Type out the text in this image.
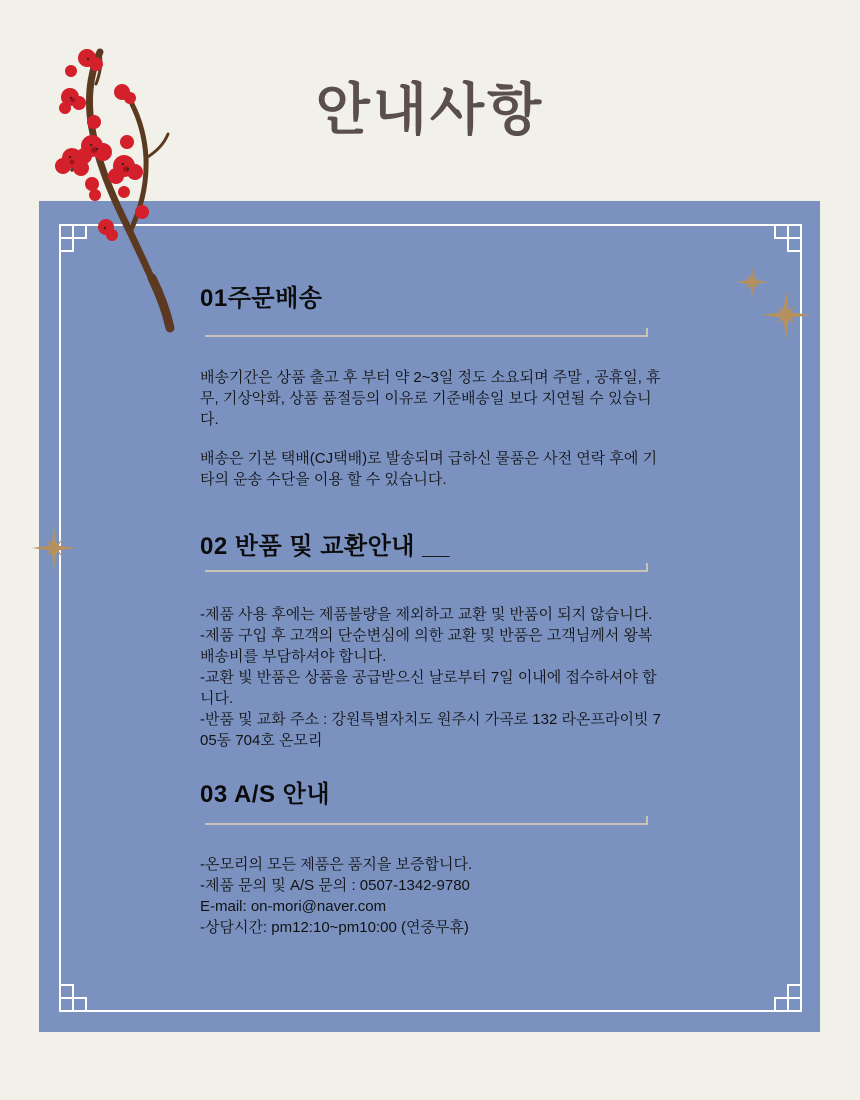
안내사항
01주문배송

배송기간은 상품 출고 후 부터 약 2~3일 정도 소요되며 주말 , 공휴일, 휴무, 기상악화, 상품 품절등의 이유로 기준배송일 보다 지연될 수 있습니다.

배송은 기본 택배(CJ택배)로 발송되며 급하신 물품은 사전 연락 후에 기타의 운송 수단을 이용 할 수 있습니다.

02 반품 및 교환안내 __

-제품 사용 후에는 제품불량을 제외하고 교환 및 반품이 되지 않습니다.

-제품 구입 후 고객의 단순변심에 의한 교환 및 반품은 고객님께서 왕복 배송비를 부담하셔야 합니다.

-교환 빛 반품은 상품을 공급받으신 날로부터 7일 이내에 접수하셔야 합니다.

-반품 및 교화 주소 : 강원특별자치도 원주시 가곡로 132 라온프라이빗 705동 704호 온모리

03 A/S 안내

-온모리의 모든 제품은 품지을 보증합니다.

-제품 문의 및 A/S 문의 : 0507-1342-9780

E-mail: on-mori@naver.com

-상담시간: pm12:10~pm10:00 (연중무휴)
